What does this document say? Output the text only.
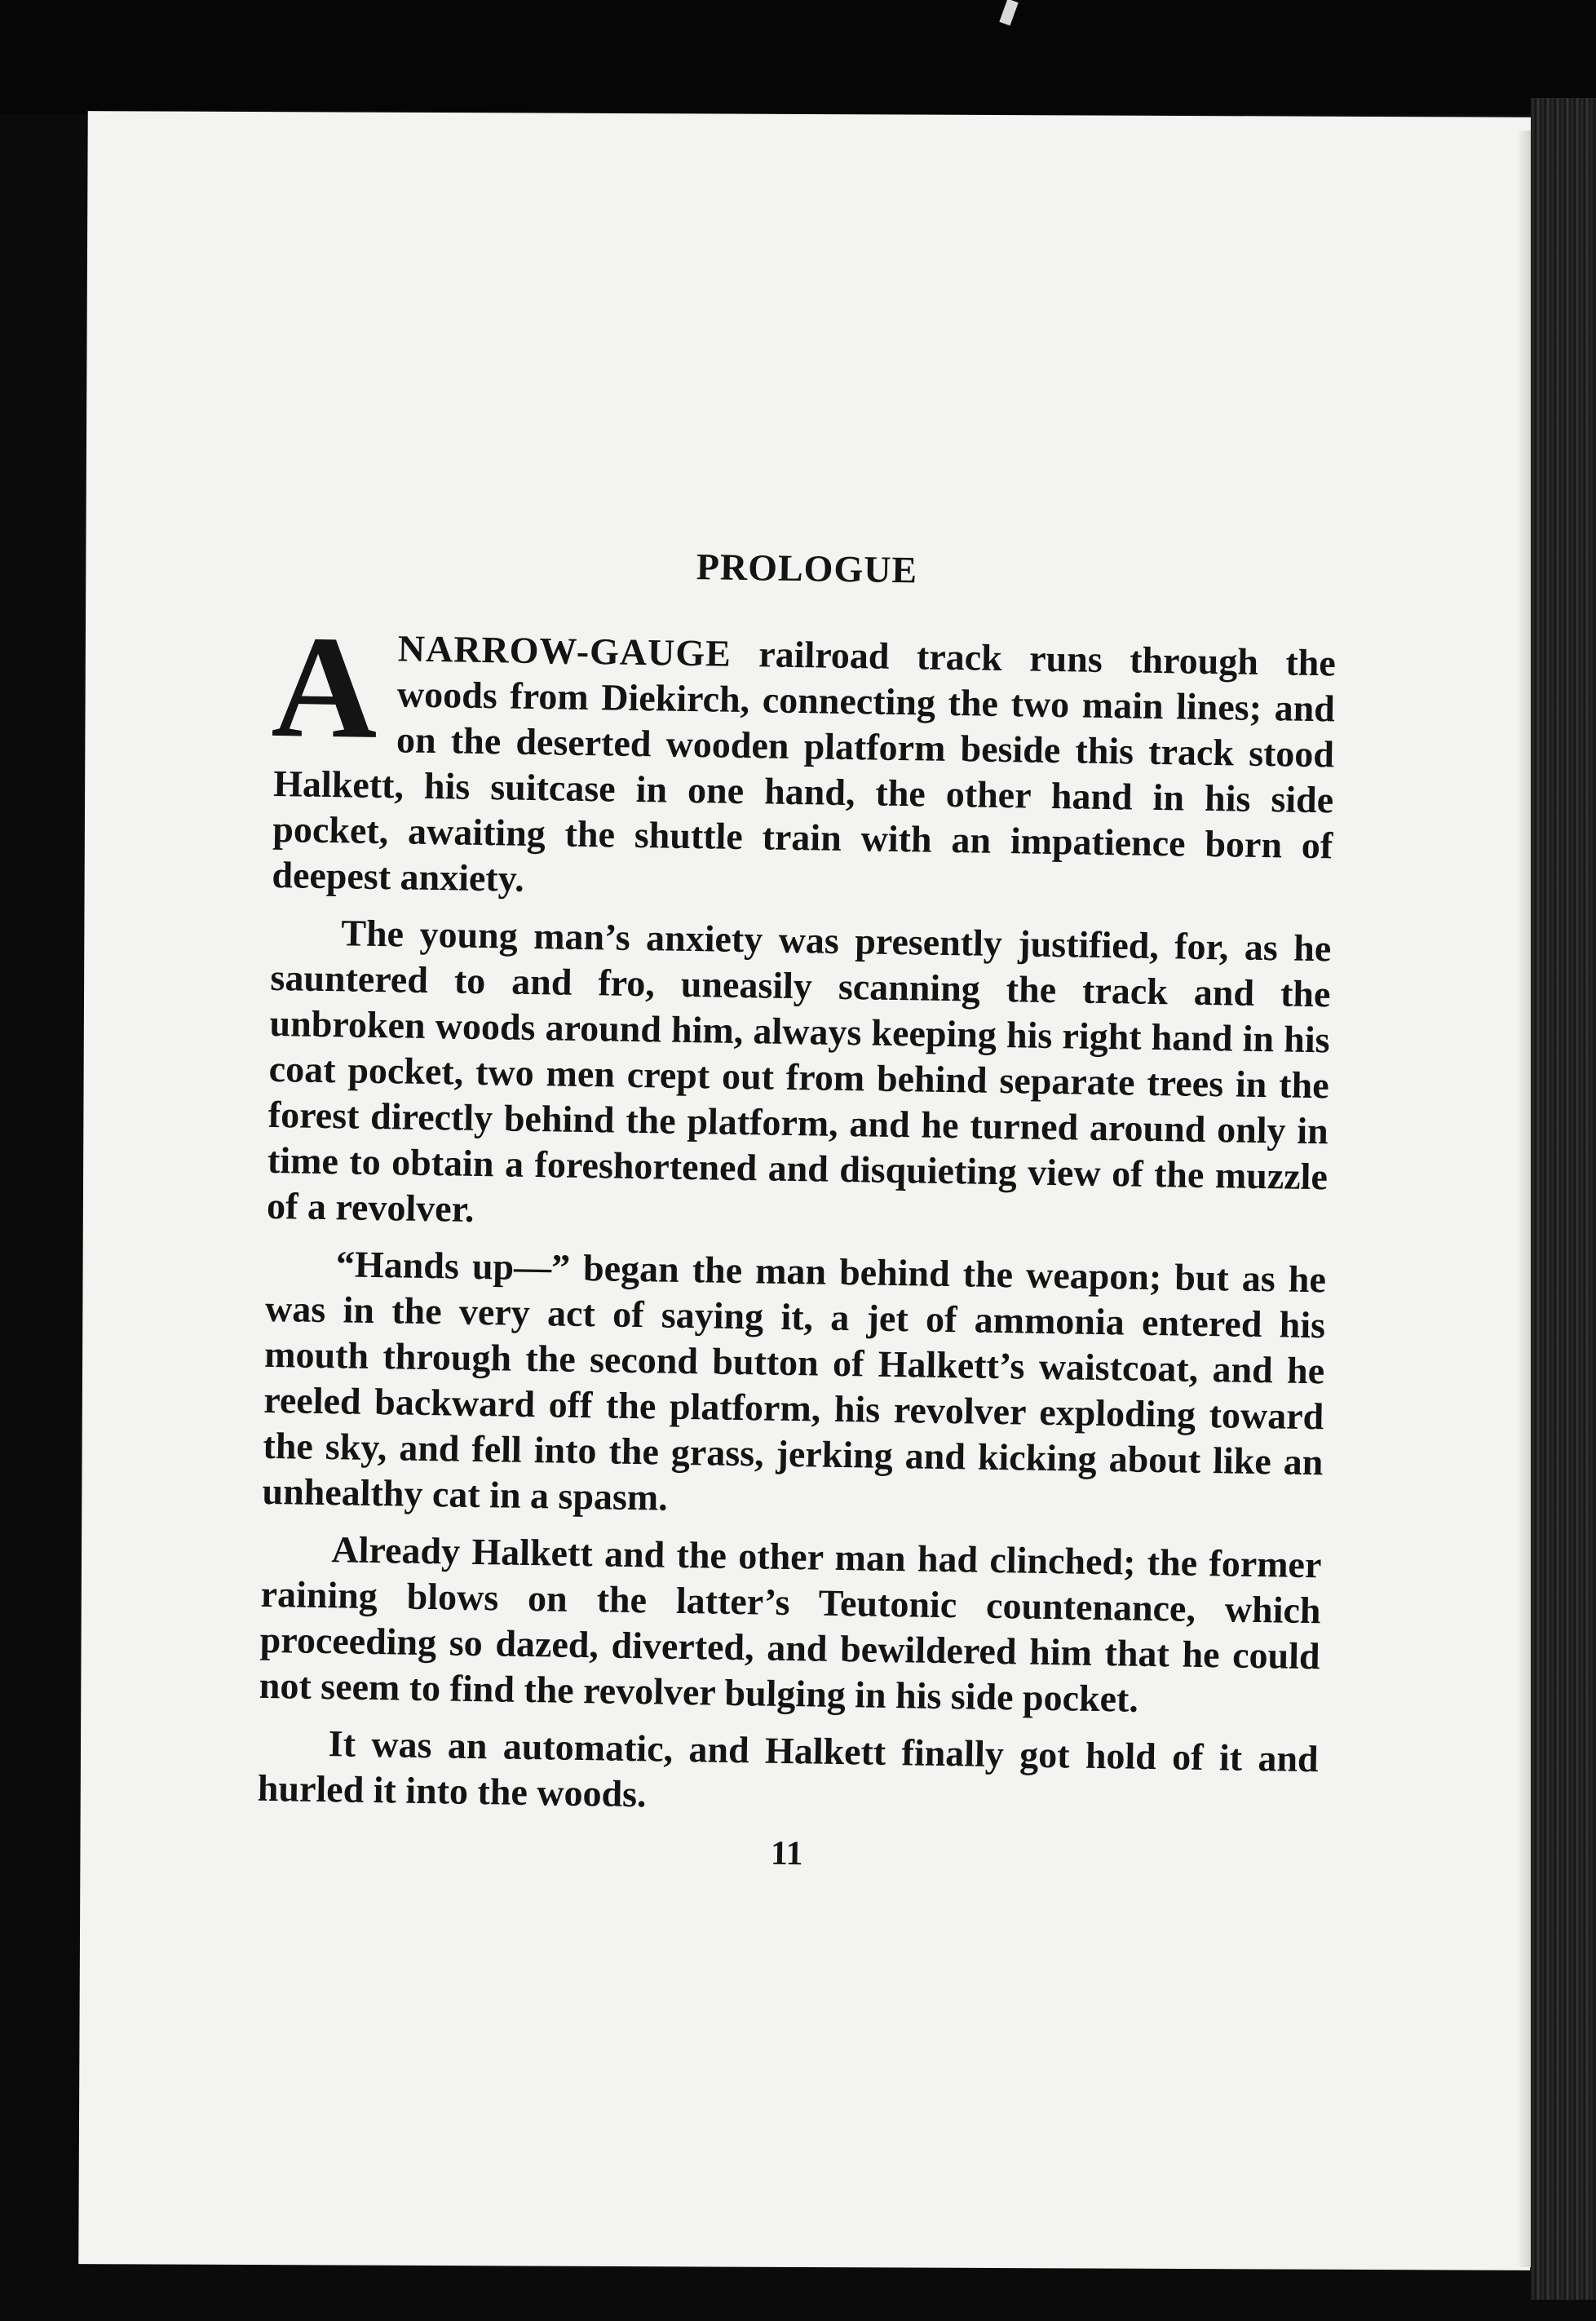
PROLOGUE

ANARROW-GAUGE railroad track runs through the woods from Diekirch, connecting the two main lines; and on the deserted wooden platform beside this track stood Halkett, his suitcase in one hand, the other hand in his side pocket, awaiting the shuttle train with an impatience born of deepest anxiety.

The young man’s anxiety was presently justified, for, as he sauntered to and fro, uneasily scanning the track and the unbroken woods around him, always keeping his right hand in his coat pocket, two men crept out from behind separate trees in the forest directly behind the platform, and he turned around only in time to obtain a foreshortened and disquieting view of the muzzle of a revolver.

“Hands up—” began the man behind the weapon; but as he was in the very act of saying it, a jet of ammonia entered his mouth through the second button of Halkett’s waistcoat, and he reeled backward off the platform, his revolver exploding toward the sky, and fell into the grass, jerking and kicking about like an unhealthy cat in a spasm.

Already Halkett and the other man had clinched; the former raining blows on the latter’s Teutonic countenance, which proceeding so dazed, diverted, and bewildered him that he could not seem to find the revolver bulging in his side pocket.

It was an automatic, and Halkett finally got hold of it and hurled it into the woods.

11
